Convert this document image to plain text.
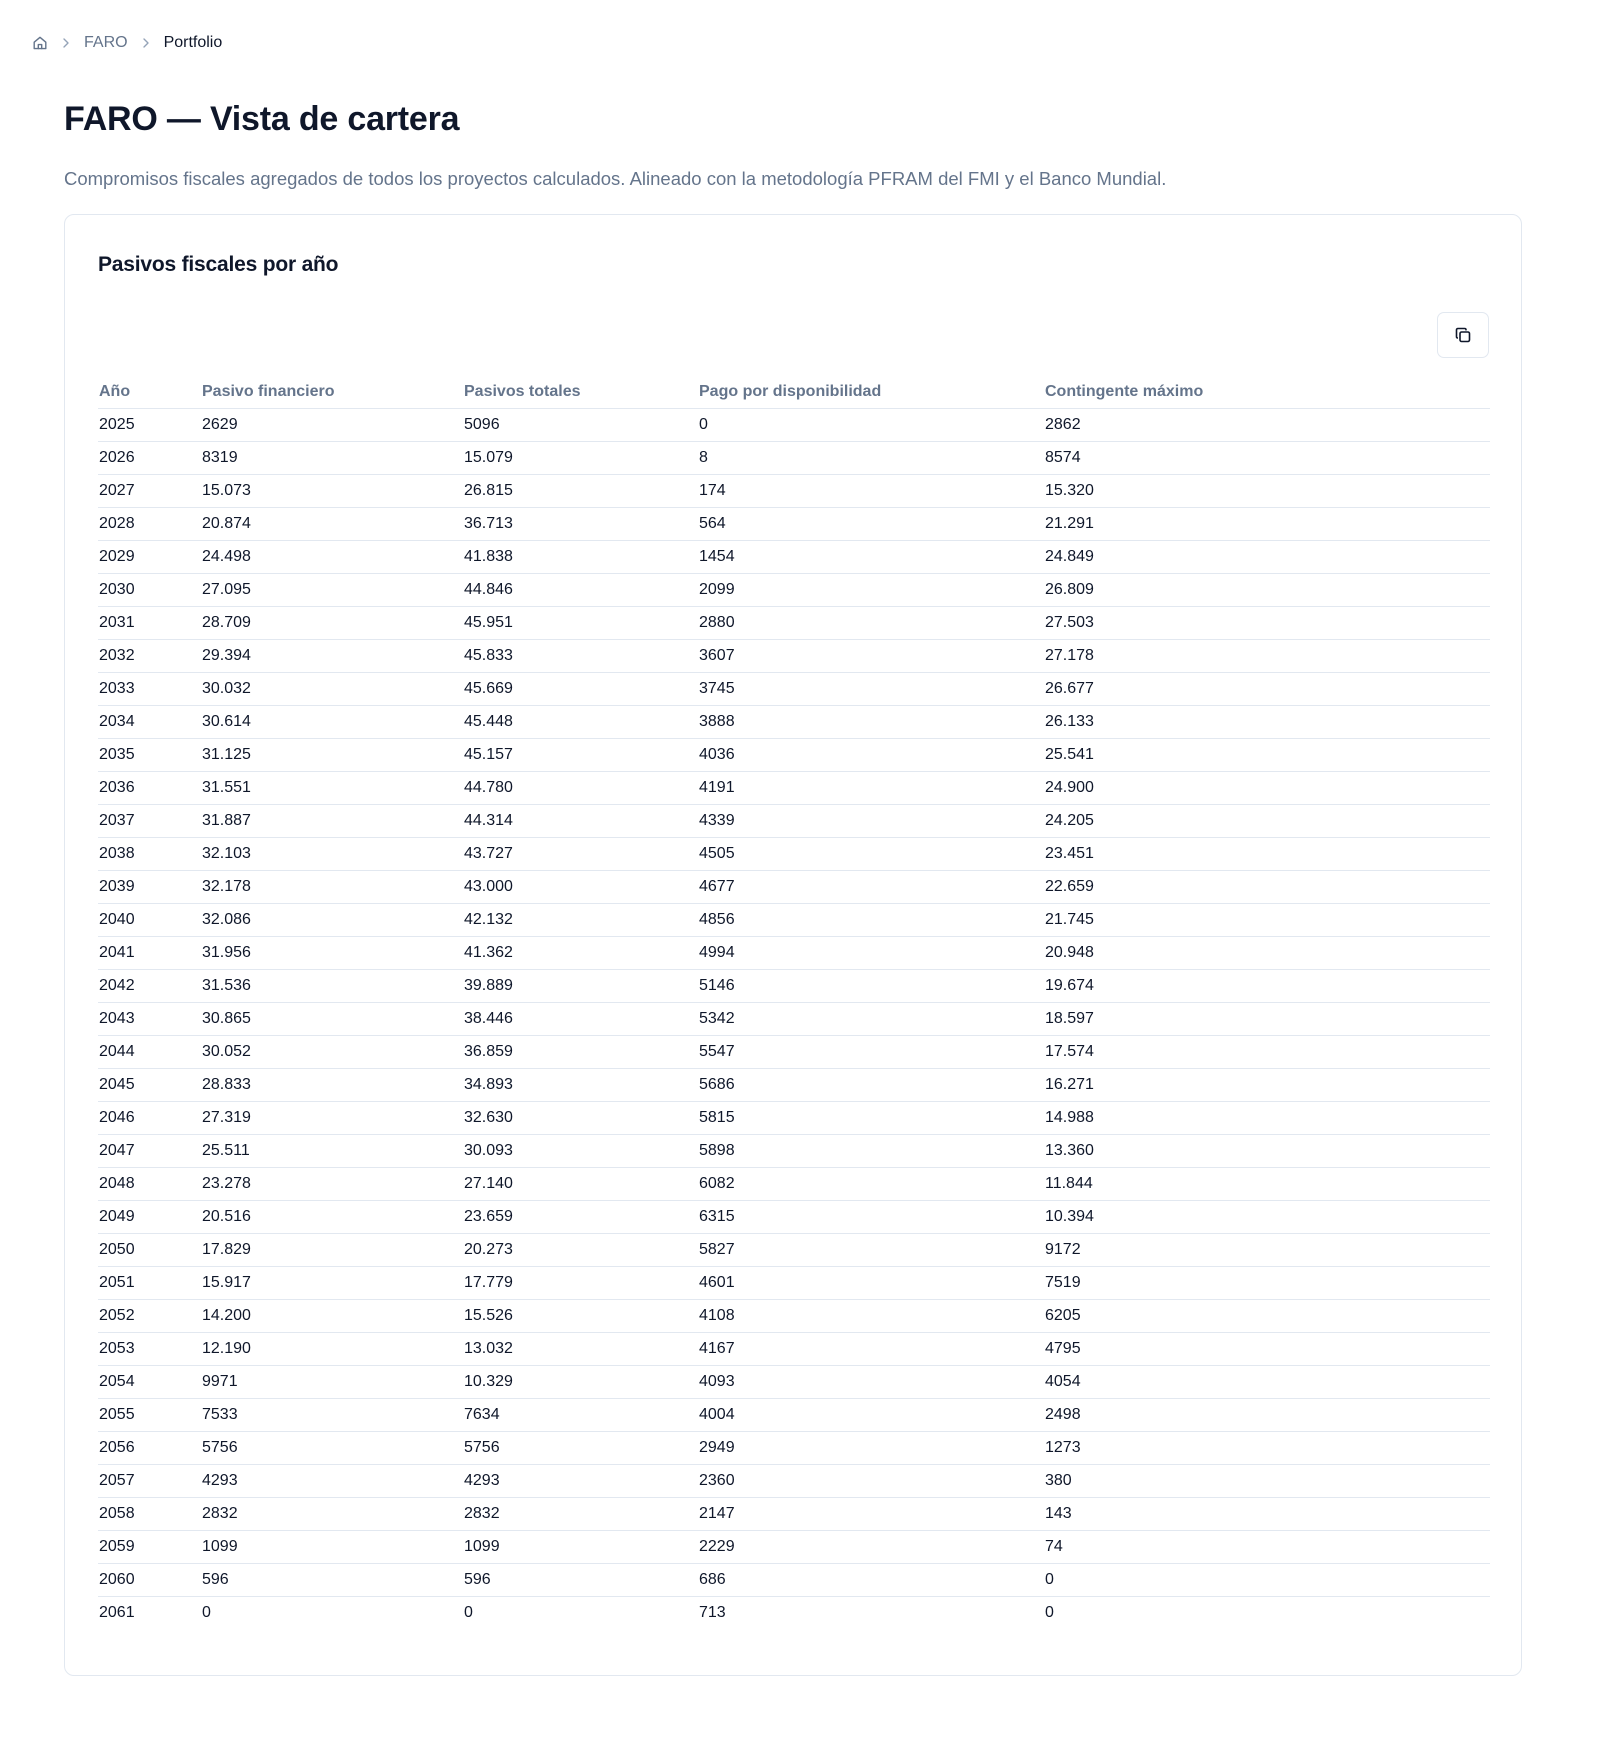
FARO Portfolio
FARO — Vista de cartera

Compromisos fiscales agregados de todos los proyectos calculados. Alineado con la metodología PFRAM del FMI y el Banco Mundial.

Pasivos fiscales por año
Año	Pasivo financiero	Pasivos totales	Pago por disponibilidad	Contingente máximo
2025	2629	5096	0	2862
2026	8319	15.079	8	8574
2027	15.073	26.815	174	15.320
2028	20.874	36.713	564	21.291
2029	24.498	41.838	1454	24.849
2030	27.095	44.846	2099	26.809
2031	28.709	45.951	2880	27.503
2032	29.394	45.833	3607	27.178
2033	30.032	45.669	3745	26.677
2034	30.614	45.448	3888	26.133
2035	31.125	45.157	4036	25.541
2036	31.551	44.780	4191	24.900
2037	31.887	44.314	4339	24.205
2038	32.103	43.727	4505	23.451
2039	32.178	43.000	4677	22.659
2040	32.086	42.132	4856	21.745
2041	31.956	41.362	4994	20.948
2042	31.536	39.889	5146	19.674
2043	30.865	38.446	5342	18.597
2044	30.052	36.859	5547	17.574
2045	28.833	34.893	5686	16.271
2046	27.319	32.630	5815	14.988
2047	25.511	30.093	5898	13.360
2048	23.278	27.140	6082	11.844
2049	20.516	23.659	6315	10.394
2050	17.829	20.273	5827	9172
2051	15.917	17.779	4601	7519
2052	14.200	15.526	4108	6205
2053	12.190	13.032	4167	4795
2054	9971	10.329	4093	4054
2055	7533	7634	4004	2498
2056	5756	5756	2949	1273
2057	4293	4293	2360	380
2058	2832	2832	2147	143
2059	1099	1099	2229	74
2060	596	596	686	0
2061	0	0	713	0
